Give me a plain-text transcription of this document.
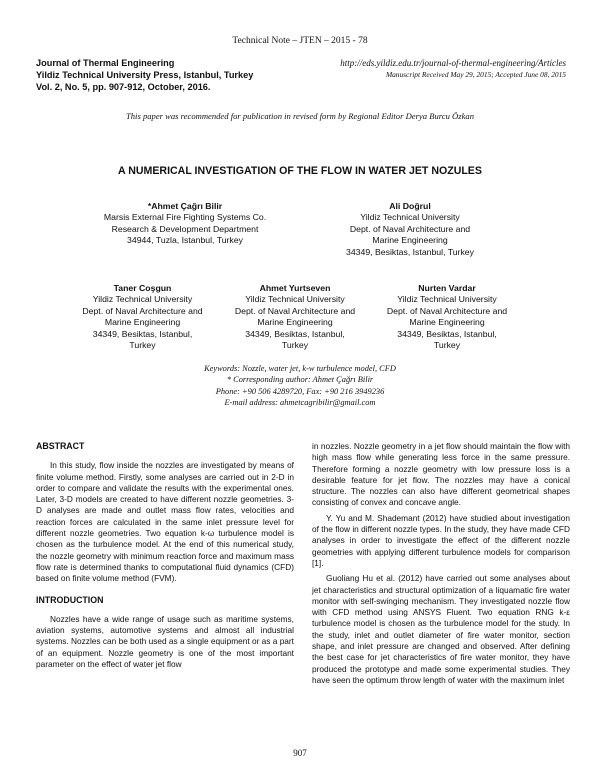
Technical Note – JTEN – 2015 - 78
Journal of Thermal Engineering
Yildiz Technical University Press, Istanbul, Turkey
Vol. 2, No. 5, pp. 907-912, October, 2016.
http://eds.yildiz.edu.tr/journal-of-thermal-engineering/Articles
Manuscript Received May 29, 2015; Accepted June 08, 2015
This paper was recommended for publication in revised form by Regional Editor Derya Burcu Özkan
A NUMERICAL INVESTIGATION OF THE FLOW IN WATER JET NOZULES
*Ahmet Çağrı Bilir
Marsis External Fire Fighting Systems Co.
Research & Development Department
34944, Tuzla, Istanbul, Turkey
Ali Doğrul
Yildiz Technical University
Dept. of Naval Architecture and
Marine Engineering
34349, Besiktas, Istanbul, Turkey
Taner Coşgun
Yildiz Technical University
Dept. of Naval Architecture and
Marine Engineering
34349, Besiktas, Istanbul,
Turkey
Ahmet Yurtseven
Yildiz Technical University
Dept. of Naval Architecture and
Marine Engineering
34349, Besiktas, Istanbul,
Turkey
Nurten Vardar
Yildiz Technical University
Dept. of Naval Architecture and
Marine Engineering
34349, Besiktas, Istanbul,
Turkey
Keywords: Nozzle, water jet, k-w turbulence model, CFD
* Corresponding author: Ahmet Çağrı Bilir
Phone: +90 506 4289720, Fax: +90 216 3949236
E-mail address: ahmetcagribilir@gmail.com
ABSTRACT

In this study, flow inside the nozzles are investigated by means of finite volume method. Firstly, some analyses are carried out in 2-D in order to compare and validate the results with the experimental ones. Later, 3-D models are created to have different nozzle geometries. 3-D analyses are made and outlet mass flow rates, velocities and reaction forces are calculated in the same inlet pressure level for different nozzle geometries. Two equation k-ω turbulence model is chosen as the turbulence model. At the end of this numerical study, the nozzle geometry with minimum reaction force and maximum mass flow rate is determined thanks to computational fluid dynamics (CFD) based on finite volume method (FVM).

INTRODUCTION

Nozzles have a wide range of usage such as maritime systems, aviation systems, automotive systems and almost all industrial systems. Nozzles can be both used as a single equipment or as a part of an equipment. Nozzle geometry is one of the most important parameter on the effect of water jet flow

in nozzles. Nozzle geometry in a jet flow should maintain the flow with high mass flow while generating less force in the same pressure. Therefore forming a nozzle geometry with low pressure loss is a desirable feature for jet flow. The nozzles may have a conical structure. The nozzles can also have different geometrical shapes consisting of convex and concave angle.

Y. Yu and M. Shademant (2012) have studied about investigation of the flow in different nozzle types. In the study, they have made CFD analyses in order to investigate the effect of the different nozzle geometries with applying different turbulence models for comparison [1].

Guoliang Hu et al. (2012) have carried out some analyses about jet characteristics and structural optimization of a liquamatic fire water monitor with self-swinging mechanism. They investigated nozzle flow with CFD method using ANSYS Fluent. Two equation RNG k-ε turbulence model is chosen as the turbulence model for the study. In the study, inlet and outlet diameter of fire water monitor, section shape, and inlet pressure are changed and observed. After defining the best case for jet characteristics of fire water monitor, they have produced the prototype and made some experimental studies. They have seen the optimum throw length of water with the maximum inlet

907
